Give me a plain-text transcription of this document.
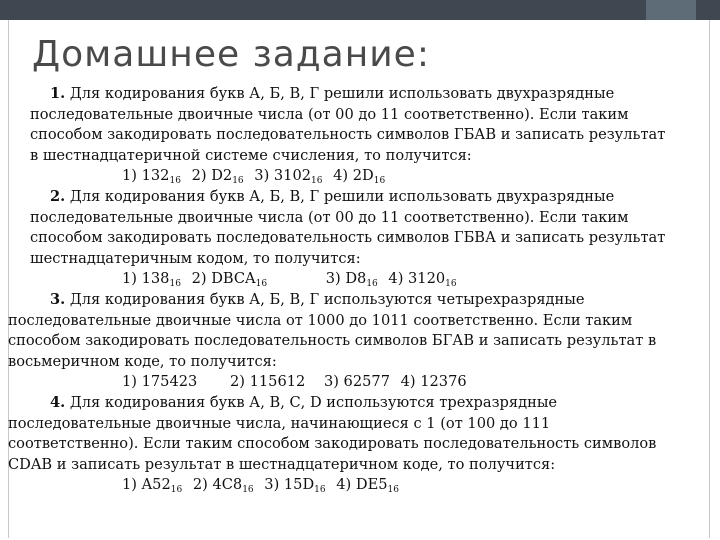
Домашнее задание:

1. Для кодирования букв А, Б, В, Г решили использовать двухразрядные

последовательные двоичные числа (от 00 до 11 соответственно). Если таким

способом закодировать последовательность символов ГБАВ и записать результат

в шестнадцатеричной системе счисления, то получится:

1) $132_{16}$ 2) $D2_{16}$ 3) $3102_{16}$ 4) $2D_{16}$

2. Для кодирования букв А, Б, В, Г решили использовать двухразрядные

последовательные двоичные числа (от 00 до 11 соответственно). Если таким

способом закодировать последовательность символов ГБВА и записать результат

шестнадцатеричным кодом, то получится:

1) $138_{16}$ 2) $DBCA_{16}$	3) $D8_{16}$ 4) $3120_{16}$

3. Для кодирования букв А, Б, В, Г используются четырехразрядные

последовательные двоичные числа от 1000 до 1011 соответственно. Если таким

способом закодировать последовательность символов БГАВ и записать результат в

восьмеричном коде, то получится:

1) 175423 2) 115612 3) 62577 4) 12376

4. Для кодирования букв А, В, С, D используются трехразрядные

последовательные двоичные числа, начинающиеся с 1 (от 100 до 111

соответственно). Если таким способом закодировать последовательность символов

CDAB и записать результат в шестнадцатеричном коде, то получится:

1) $A52_{16}$ 2) $4C8_{16}$ 3) $15D_{16}$ 4) $DE5_{16}$
